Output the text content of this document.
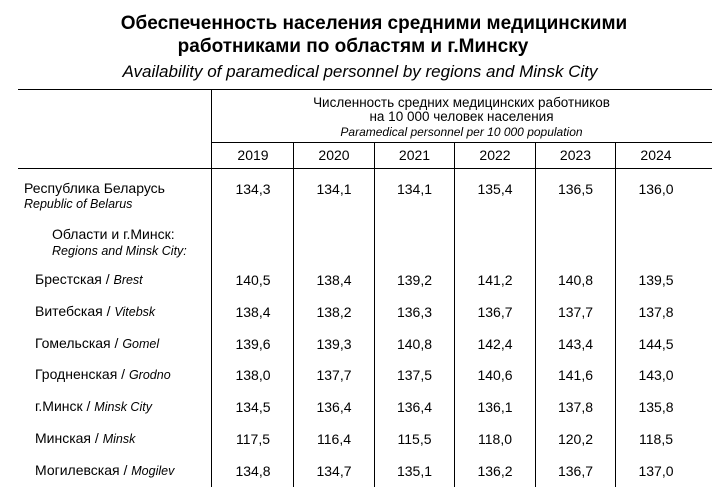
Обеспеченность населения средними медицинскими
работниками по областям и г.Минску
Availability of paramedical personnel by regions and Minsk City
Численность средних медицинских работников
на 10 000 человек населения
Paramedical personnel per 10 000 population
2019	2020	2021	2022	2023	2024
Республика Беларусь
Republic of Belarus
134,3	134,1	134,1	135,4	136,5	136,0
Области и г.Минск:
Regions and Minsk City:
Брестская / Brest	140,5	138,4	139,2	141,2	140,8	139,5
Витебская / Vitebsk	138,4	138,2	136,3	136,7	137,7	137,8
Гомельская / Gomel	139,6	139,3	140,8	142,4	143,4	144,5
Гродненская / Grodno	138,0	137,7	137,5	140,6	141,6	143,0
г.Минск / Minsk City	134,5	136,4	136,4	136,1	137,8	135,8
Минская / Minsk	117,5	116,4	115,5	118,0	120,2	118,5
Могилевская / Mogilev	134,8	134,7	135,1	136,2	136,7	137,0
